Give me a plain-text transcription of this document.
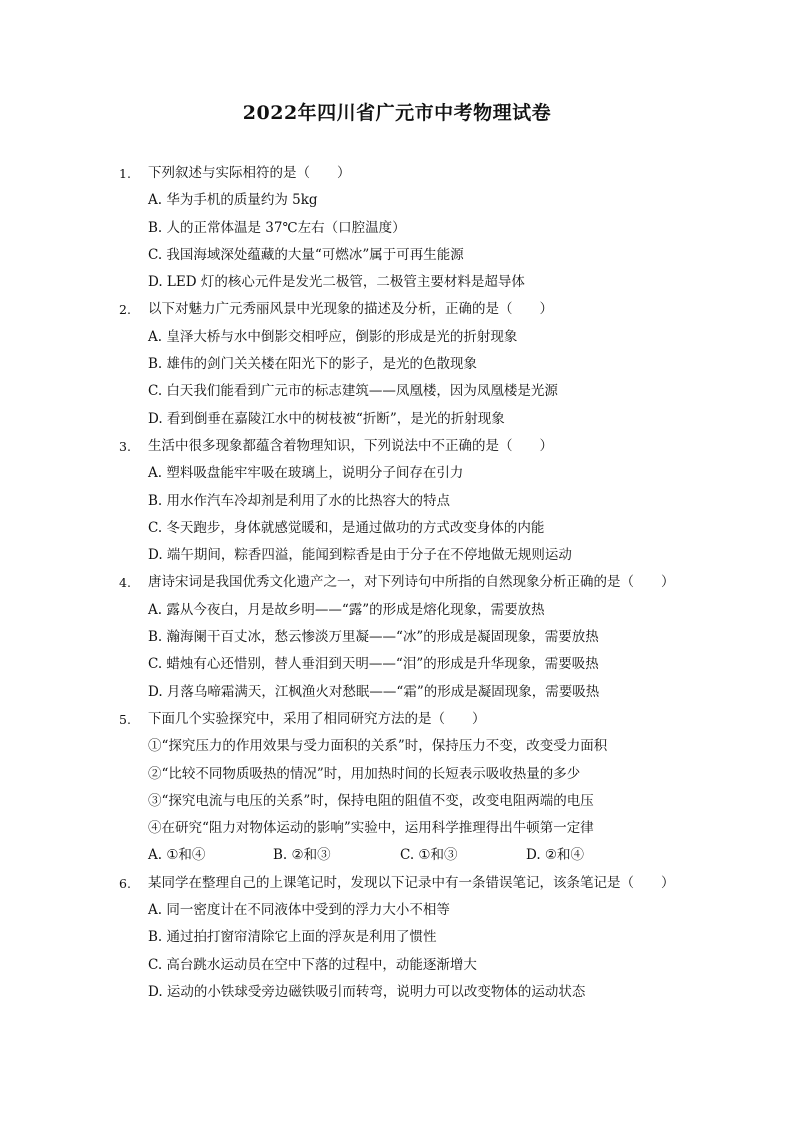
2022年四川省广元市中考物理试卷
1. 下列叙述与实际相符的是（　　）
A. 华为手机的质量约为 5kg
B. 人的正常体温是 37℃左右（口腔温度）
C. 我国海域深处蕴藏的大量“可燃冰”属于可再生能源
D. LED 灯的核心元件是发光二极管，二极管主要材料是超导体
2. 以下对魅力广元秀丽风景中光现象的描述及分析，正确的是（　　）
A. 皇泽大桥与水中倒影交相呼应，倒影的形成是光的折射现象
B. 雄伟的剑门关关楼在阳光下的影子，是光的色散现象
C. 白天我们能看到广元市的标志建筑——凤凰楼，因为凤凰楼是光源
D. 看到倒垂在嘉陵江水中的树枝被“折断”，是光的折射现象
3. 生活中很多现象都蕴含着物理知识，下列说法中不正确的是（　　）
A. 塑料吸盘能牢牢吸在玻璃上，说明分子间存在引力
B. 用水作汽车冷却剂是利用了水的比热容大的特点
C. 冬天跑步，身体就感觉暖和，是通过做功的方式改变身体的内能
D. 端午期间，粽香四溢，能闻到粽香是由于分子在不停地做无规则运动
4. 唐诗宋词是我国优秀文化遗产之一，对下列诗句中所指的自然现象分析正确的是（　　）
A. 露从今夜白，月是故乡明——“露”的形成是熔化现象，需要放热
B. 瀚海阑干百丈冰，愁云惨淡万里凝——“冰”的形成是凝固现象，需要放热
C. 蜡烛有心还惜别，替人垂泪到天明——“泪”的形成是升华现象，需要吸热
D. 月落乌啼霜满天，江枫渔火对愁眠——“霜”的形成是凝固现象，需要吸热
5. 下面几个实验探究中，采用了相同研究方法的是（　　）
①“探究压力的作用效果与受力面积的关系”时，保持压力不变，改变受力面积
②“比较不同物质吸热的情况”时，用加热时间的长短表示吸收热量的多少
③“探究电流与电压的关系”时，保持电阻的阻值不变，改变电阻两端的电压
④在研究“阻力对物体运动的影响”实验中，运用科学推理得出牛顿第一定律
A. ①和④	B. ②和③	C. ①和③	D. ②和④
6. 某同学在整理自己的上课笔记时，发现以下记录中有一条错误笔记，该条笔记是（　　）
A. 同一密度计在不同液体中受到的浮力大小不相等
B. 通过拍打窗帘清除它上面的浮灰是利用了惯性
C. 高台跳水运动员在空中下落的过程中，动能逐渐增大
D. 运动的小铁球受旁边磁铁吸引而转弯，说明力可以改变物体的运动状态
